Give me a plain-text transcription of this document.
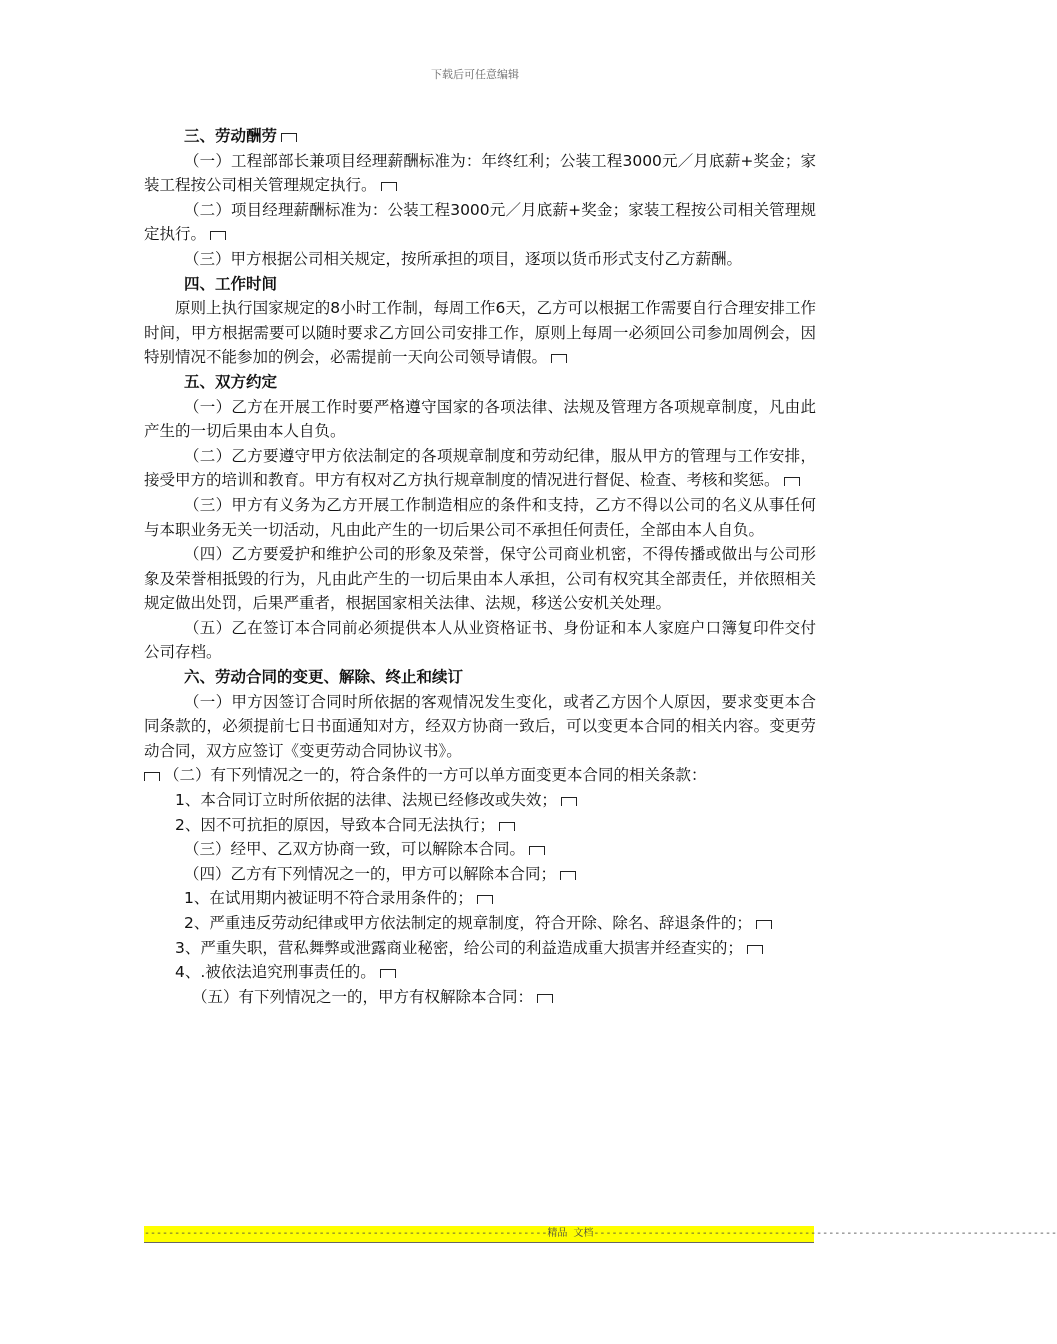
下载后可任意编辑

三、劳动酬劳

（一）工程部部长兼项目经理薪酬标准为：年终红利；公装工程3000元／月底薪+奖金；家装工程按公司相关管理规定执行。

（二）项目经理薪酬标准为：公装工程3000元／月底薪+奖金；家装工程按公司相关管理规定执行。

（三）甲方根据公司相关规定，按所承担的项目，逐项以货币形式支付乙方薪酬。

四、工作时间

原则上执行国家规定的8小时工作制，每周工作6天，乙方可以根据工作需要自行合理安排工作时间，甲方根据需要可以随时要求乙方回公司安排工作，原则上每周一必须回公司参加周例会，因特别情况不能参加的例会，必需提前一天向公司领导请假。

五、双方约定

（一）乙方在开展工作时要严格遵守国家的各项法律、法规及管理方各项规章制度，凡由此产生的一切后果由本人自负。

（二）乙方要遵守甲方依法制定的各项规章制度和劳动纪律，服从甲方的管理与工作安排，接受甲方的培训和教育。甲方有权对乙方执行规章制度的情况进行督促、检查、考核和奖惩。

（三）甲方有义务为乙方开展工作制造相应的条件和支持，乙方不得以公司的名义从事任何与本职业务无关一切活动，凡由此产生的一切后果公司不承担任何责任，全部由本人自负。

（四）乙方要爱护和维护公司的形象及荣誉，保守公司商业机密，不得传播或做出与公司形象及荣誉相抵毁的行为，凡由此产生的一切后果由本人承担，公司有权究其全部责任，并依照相关规定做出处罚，后果严重者，根据国家相关法律、法规，移送公安机关处理。

（五）乙在签订本合同前必须提供本人从业资格证书、身份证和本人家庭户口簿复印件交付公司存档。

六、劳动合同的变更、解除、终止和续订

（一）甲方因签订合同时所依据的客观情况发生变化，或者乙方因个人原因，要求变更本合同条款的，必须提前七日书面通知对方，经双方协商一致后，可以变更本合同的相关内容。变更劳动合同，双方应签订《变更劳动合同协议书》。

（二）有下列情况之一的，符合条件的一方可以单方面变更本合同的相关条款：

1、本合同订立时所依据的法律、法规已经修改或失效；

2、因不可抗拒的原因，导致本合同无法执行；

（三）经甲、乙双方协商一致，可以解除本合同。

（四）乙方有下列情况之一的，甲方可以解除本合同；

1、在试用期内被证明不符合录用条件的；

2、严重违反劳动纪律或甲方依法制定的规章制度，符合开除、除名、辞退条件的；

3、严重失职，营私舞弊或泄露商业秘密，给公司的利益造成重大损害并经查实的；

4、.被依法追究刑事责任的。

（五）有下列情况之一的，甲方有权解除本合同：

-------------------------------------------------------------------精品 文档-----------------------------------------------------------------------------
